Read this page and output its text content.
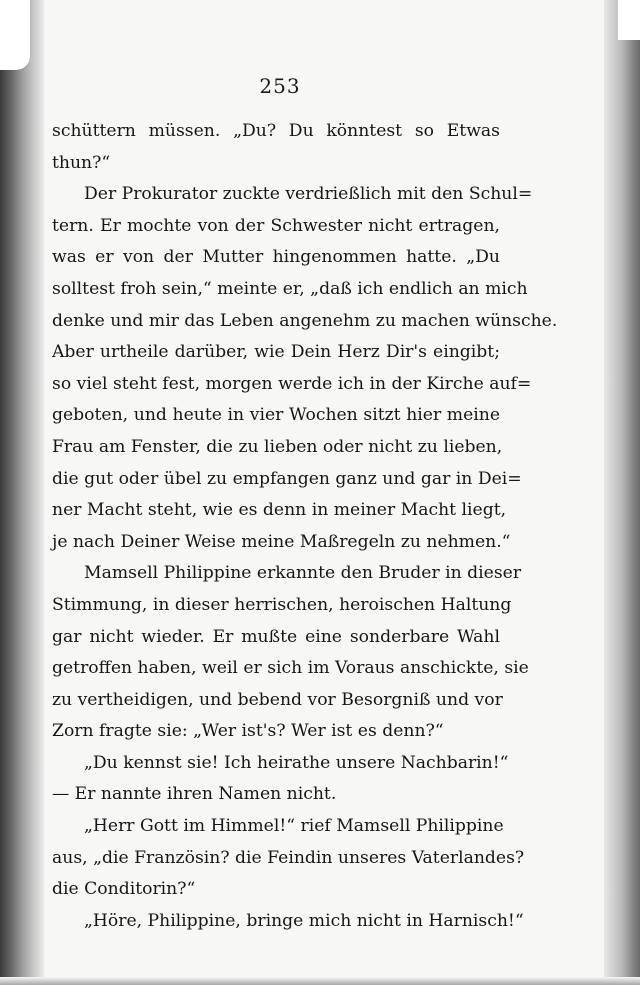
253
schüttern müssen. „Du? Du könntest so Etwas
thun?“
Der Prokurator zuckte verdrießlich mit den Schul=
tern. Er mochte von der Schwester nicht ertragen,
was er von der Mutter hingenommen hatte. „Du
solltest froh sein,“ meinte er, „daß ich endlich an mich
denke und mir das Leben angenehm zu machen wünsche.
Aber urtheile darüber, wie Dein Herz Dir's eingibt;
so viel steht fest, morgen werde ich in der Kirche auf=
geboten, und heute in vier Wochen sitzt hier meine
Frau am Fenster, die zu lieben oder nicht zu lieben,
die gut oder übel zu empfangen ganz und gar in Dei=
ner Macht steht, wie es denn in meiner Macht liegt,
je nach Deiner Weise meine Maßregeln zu nehmen.“
Mamsell Philippine erkannte den Bruder in dieser
Stimmung, in dieser herrischen, heroischen Haltung
gar nicht wieder. Er mußte eine sonderbare Wahl
getroffen haben, weil er sich im Voraus anschickte, sie
zu vertheidigen, und bebend vor Besorgniß und vor
Zorn fragte sie: „Wer ist's? Wer ist es denn?“
„Du kennst sie! Ich heirathe unsere Nachbarin!“
— Er nannte ihren Namen nicht.
„Herr Gott im Himmel!“ rief Mamsell Philippine
aus, „die Französin? die Feindin unseres Vaterlandes?
die Conditorin?“
„Höre, Philippine, bringe mich nicht in Harnisch!“
